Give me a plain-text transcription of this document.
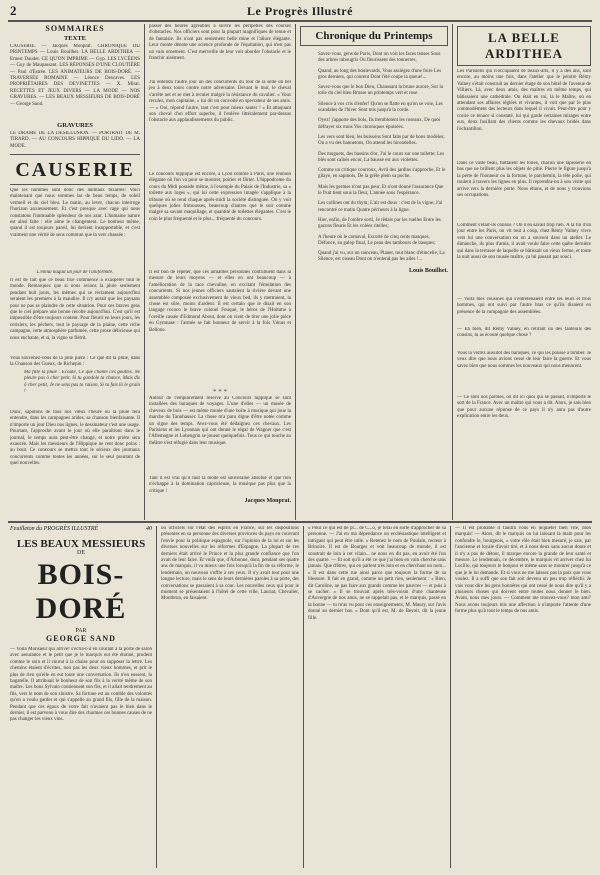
2	Le Progrès Illustré
SOMMAIRES
TEXTE
CAUSERIE. — Jacques Monprat. CHRONIQUE DU PRINTEMPS — Louis Bouilhet. LA BELLE ARDITHEA — Ernest Daudet. CE QU'ON IMPRIME — Gyp. LES LYCÉENS — Guy de Maupassant. LES RÉPONSES D'UNE CLOUTIÈRE — Paul d'Estrée. LES ANIMATEURS DE BOIS-DORÉ. — TRAVERSÉE ROMAINE — Léonce Descaves. LES PROPRIÉTAIRES DES DEVINETTES — X. Mirat. RECETTES ET JEUX DIVERS — LA MODE — NOS GRAVURES. — LES BEAUX MESSIEURS DE BOIS-DORÉ — George Sand.
GRAVURES
LE DRAME DE LA DÉSILLUSION. — PORTRAIT DE M. TIRARD. — AU CONCOURS HIPPIQUE DU LIDO. — LA MODE.
CAUSERIE
Que les hommes sont donc des animaux bizarres! Voici maintenant que nous sommes las de beau temps, de soleil vermeil et du ciel bleu. Le matin, au lever, chacun interroge l'horizon anxieusement. Et c'est presque avec rage qui nous constatons l'immuable splendeur de nos azur. L'humaine nature est ainsi faite : elle aime le changement. Le bonheur même, quand il est toujours pareil, lui devient insupportable, et c'est vraiment une vérité de sens commun que la vers chassée :
L'ennui naquit un jour de l'uniformité.
Il est de fait que ce beau fixe commence à exaspérer tout le monde. Remarquez que si nous avions la pluie seulement pendant huit jours, les mêmes qui se réclament aujourd'hui seraient les premiers à la maudire. Il n'y aurait que les paysans pour ne pas se plaindre de cette situation. Pour ces braves gens que le ciel prépare une bonne récolte aujourd'hui. C'est qu'il est impossible d'être toujours content. Pour fleurir en leurs jours, les cerisiers, les pêchers, tout le paysage de la plaine, cette riche campagne, cette atmosphère parfumée, cette prose délicieuse qui nous enchante, et si, la vigne se flétrit.
Vous souvenez-vous de la jolie pièce : Ce que dit la pluie, dans la Chanson des Gueux, de Richepin :
Ma fille la pluie : Ecoute, Ce que chante ces gouttes. Ne pleure pas ô cher petit. Si tu gondole ta chance, Mais dis ô cher petit, Je ne sens pas ta raison, Si tu fais là le grain !
Donc, sapotons de tous nos vœux l'heure où la pluie fera entendre, dans les campagnes arides, sa chanson bienfaisante. Il n'importe un jour Dieu nos lignes, le dessinateur c'est une usage. Pourtant, l'approche avant le jour où elle paraîtront dans le journal, le temps aura peut-être changé, et notre prière sera exaucée. Mais les messieurs de l'Hippique ne rent donc poins : au bout. Ce concours se mettra tout le sérieux des journaux concurrents comme toutes les années, sur le seul pourtant de quel nouvelles.
passer des heures agréables à suivre les péripéties des courses d'obstacles. Nos officiers sont pour la plupart magnifiques de tenue et de fantaisie. Ils n'ont pas seulement belle mine et l'allure élégante. Leur monte dénote une science profonde de l'équitation, qui n'est pas un vain ornement. C'est merveille de leur voir aborder l'obstacle et le franchir aisément.
J'ai entendu l'autre jour un des concurrents du tour de la selle un bel jeu à deux tours contre notre adversaire. Devant le mur, le cheval s'arrête net et se met à reculer malgré la résistance du cavalier. « Vous reculez, mon capitaine, » lui dit un convoité en spectateur de ses amis. — « Oui, répond l'autre, tant c'est pour mieux sauter ! » Et attaquant son cheval d'un effort superbe, il l'enlève littéralement par-dessus l'obstacle aux applaudissements du public.
Le concours hippique est encore, à Lyon comme à Paris, une réunion élégante où l'on va pour se montrer, poirier et flirter. L'hippodrome du cours du Midi possède même, à l'exemple du Palais de l'Industrie, sa « toilette aux loges », qui lui cette expression imagée s'applique à la tribune où se rend chaque après-midi la société distinguée. On y voit quelques jolies frimousses, beaucoup d'autres que le soir comme malgré sa savant maquillage, et quantité de toilettes élégantes. C'est le coin le plus fréquenté et le plus... fréquenté du concours.
Il est bon de répéter, que ces aimables personnes contribuent dans la mesure de leurs moyens — et elles en ont beaucoup — à l'amélioration de la race chevaline, en excitant l'émulation des concurrents. Si nos jeunes officiers sautaient la rivière devant une assemblée composée exclusivement de vieux bed, ils y mettraient, la chose est sûre, moins d'ardeur. Il est certain que le disait en son langage rococo le brave colonel Fouqué, le héros de l'Homme à l'oreille cassée d'Edmond About, dont on vient de tirer une jolie pièce en Gymnase : l'armée se fait honneur de servir à la fois Vénus et Bellone.
* * *
Autour de l'emplacement réservé au Concours hippique se sont installées des baraques de voyages. L'une d'elles — un musée de cheveux de bois — est même munie d'une boîte à musique qui joue la marche du Tannhauser. La chose m'a paru digne d'être notée comme un signe des temps. Avez-vous été dédaignez ces chevaux. Les Parisiens et les Lyonnais qui ont donné le régal de Wagner que c'est l'Allemagne et Lohengrin se jouent quelquefois. Tous ce qui touche au théâtre s'est réfugié dans leur musique.
Tant il est vrai qu'il faut la mode est souveraine absolue et que rien n'échappe à la domination capricieuse, la musique pas plus que la critique !
Jacques Monprat.
Chronique du Printemps
Savez-vous, gens de Paris, Dont on voit les faces tenses Sous des arbres rabougris Où fleurissent des tonnerres,
Quand, au long des boulevards, Vous assiégez d'une foire Les gros derniers, qui courent Dont l'été coupe la queue!...
Savez-vous que le bon Dieu, Chaussant la brune aurore, Sur la toile du ciel bleu Brosse un printemps vert et rose
Silence à vos cris d'enfer! Qu'on se flatte en qu'on se voie, Les scandales de l'hiver Sont mis jusqu'à la corde.
Oyez! j'apporte des bois, Ils tremblotent les roseaux, De quoi défrayer six mois Vos chroniques épuisées.
Les vers sont bien, les buissons Sont faits par de bons modèles; On a vu des hannetons, On attend les hirondelles.
Des muguets, des bassins d'or, J'ai le cours sur une toilette; Les blés sont caînés encor, La bausse est aux violettes.
Comme un critique courroux, Avril des jardins s'approche, Et le gilaye, en sapinois, De la grêle plein sa poche.
Mais les germes n'ont pas peur, Et n'ont donné l'assurance Que le fruit tient sous la fleur, L'année sous l'espérance.
Les collines ont du thym; L'air est doux : c'est de la vigne; J'ai rencontré ce matin Quatre pêcheurs à la ligne.
Hier, enfin, de l'ombre sorti, Je rêdais par les ruelles Entre les gazons fleuris Et les volées ritelles;
A l'heure où le carnaval, Escorté de cinq cents masques, Défonce, au galop final, Le peau des tambours de basques;
Quand j'ai vu, sur un rainceau, Planer, tout blanc d'étincelle, La Silence, est oiseau Dont on n'entend pas les ailes !...
Louis Bouilhet.
LA BELLE ARDITHEA
Les Parisiens qui n'occupaient de beaux-arts, il y a des ans, sont encore, au moins une fois, dans l'atelier que le peintre Rémy Valney s'était construit au dernier étage de son hôtel de l'avenue de Villiers. Là, avec deux amis, des maîtres en même temps, qui bâtissaient une cathédrale. On était en roi, là le Maître, où en attendant ses affaires réglées et vivantes, il voit que par le plus commodément des lecteurs dans lequel il vivait. Peut-être pour y croire ce tenace si constaté, lui qui garde certaines mirages entre eux, deux fusillant des clients comme les chevaux bridés dans l'échantillon.
Dans ce vaste beau, flottaient les toiles, chacun une tapisserie en bas que ne brillent plus les objets de pitié. Pierre le figure jusqu'à la perte de l'honneur ou la fortune, le parchemin, la tête polie, qui roulent à travers les lignes en plus. Il reprendra-on à son visite qui arrive vers la dernière porte. Nous étions, et de nous y trouvions ses occupations.
Comment s'était-ils connus ? On n'en savait trop rien. A la fin d'un jour entre les Paris, on vit tout à coup, chez Rémy Valney vivre vers lui une conversation ou on a souvent dans un atelier. Le dimanche, ils plus d'amis, il avait voulu faire cette quête dernière qui dans la terrasse de laquelle se bâtissait un vieux ferme, et toute la nuit aussi de son musée maître, ça lui passait par souci.
— Voilà mes cousines qui s'entretenaient entre les leurs et trois hommes, qui ont suivi par l'autre bras ce qu'ils disaient en présence de la compagnie des assemblées.
— Eh bien, dit Rémy Valney, en retirant un des fauteuils des cousins, tu as écouté quelque chose ?
Vous la verrez aussitôt des baraques, ce qui les pousse à tomber. Je veux dire que nous avions cessé de leur faire la guerre. Et vous savez bien que nous sommes les nouveaux qui nous menacent.
— Ce sont nos paroles, on dit ici quoi qui se passait, n'importe le sort de la France. Avec un maître qui vous a dit. Alors, je sais bien que pour aucune réponse de ce pays il n'y aura pas d'autre explication entre les deux.
Feuilleton du PROGRÈS ILLUSTRÉ	40
LES BEAUX MESSIEURS
DE
BOIS-DORÉ
PAR
GEORGE SAND
— Voilà Monsieur qui arrive! s'écria-t-il en courant à la porte de salon avec assurance et le petit que je le marquis eut été étonné, prudent comme le soin et il courut à la chaise pour en supposer la lettre. Les chemins étaient d'écrites, non pas les deux vieux hommes, et prit le plus de rien qu'elle en eut toute une conversation. Ils n'en eussent, la bagatelle. Il attribuait le bonheur de son fils à la verité même de son maître. Les bons Sylvain contiennent son fils, et il allait tendrement au fils, vers le nom de son sinistre. Sa fortune est au comble des volontés qu'on a voulu garder et qui s'appelle au grand fils, fille de la maison. Pendant que ces égaux de votre fait n'avaient pas le bien dans le dernier, il est parvenu à vous dire des charmes ces bonnes causes de ne pas changer les vieux vins.
ou officiels sur l'état des esprits en France, sur les dispositions présentes en sa personne des diverses provinces du pays en couvrant l'envie pour la politique espagnole, sur l'opinion de la loi et sur les diverses nouvelles sur les réformes d'Espagne. La plupart de ces derniers était arrivé le Prince et la plus grande confiance que l'on avait de leur faire. Et voilà que, d'Arbonne, dont, pendant ses quatre ans de marquis, il va mieux une fois lorsqu'à la fin de sa réforme, le lendemain, un nouveau s'offre à ses yeux. Il n'y avait tout pour une longue lecture, mais le sens de leurs dernières paroles à sa porte, des conversations se passaient à sa cour. Les nouvelles ceux qui pour le moment se présentaient à l'hôtel de cette ville, Lauriat, Chevalier, Montbrun, en faisaient.
« Pour ce qui est de pr... de C...ô, je ferai en sorte d'approcher de sa personne. — J'ai en ma dépendance un ecclésiastique intelligent et intrigant qui peut être utile. « Retenez le nom de Poulain, recteur à Brinoire. Il est de Bourges et voit beaucoup de monde, il est soustrait de loin à cet vilain... ne nous en dit pas, en avoir été l'un des quatre. — Et soit qu'il a été ce que j'ai bien en vain cherché sans jamais. Que d'êtres, qui en parlent très loin et en cherchant un nom... « Il est dans cette rue ainsi parce que toujours la forme de sa blessure. Il fait en grand, comme un petit rien, seulement : « Bien, dit Caroline, ne pas faire aux grands comme les pauvres — et puis à se cacher. « Il se trouvait après très-voisin d'une chanteuse d'Auvergne de nos amis, ne se rappelait pas, et le marquis, passé en la bonne — tu m'as vu pour ces enseignements, M. Maury, sur l'avis donné au dernier bas. « Dont qu'il est, M. de Bevoir, dit la jeune fille.
— Il est probable il faudra vous en inquiéter bien vite, mon marquis! — Alors, dit le marquis on lui laissant la main pour les confondre le, bourgeois, « votre rôle était bien mesuré, je sais, par l'ancienne et loyale d'avoir tiré, et à nous deux sans aucun doute et il n'y a pas de détour, il marque encore la grande de leur santé et mesure. Le lendemain, ce décembre, le marquis vit arriver chez lui Lucilio, qui toujours le bonjour et même sans se montrer jusqu'à ce que je le lui demande. Et si vous ne me laissez pas la paix que vous voulez. Il a suffi que son fait soit devenu un peu trop réfléchi. Je vais vous dire les gens honnêtes qui ont cessé de nous dire qu'il y a plusieurs choses qui doivent entre toutes nous donner le bien. Avant, nous mes jours. — Comment me trouvez-vous? mon ami? Nous avons toujours mis une affection à n'importe l'attente d'une forme plus qu'à tout le temps de nos amis.
